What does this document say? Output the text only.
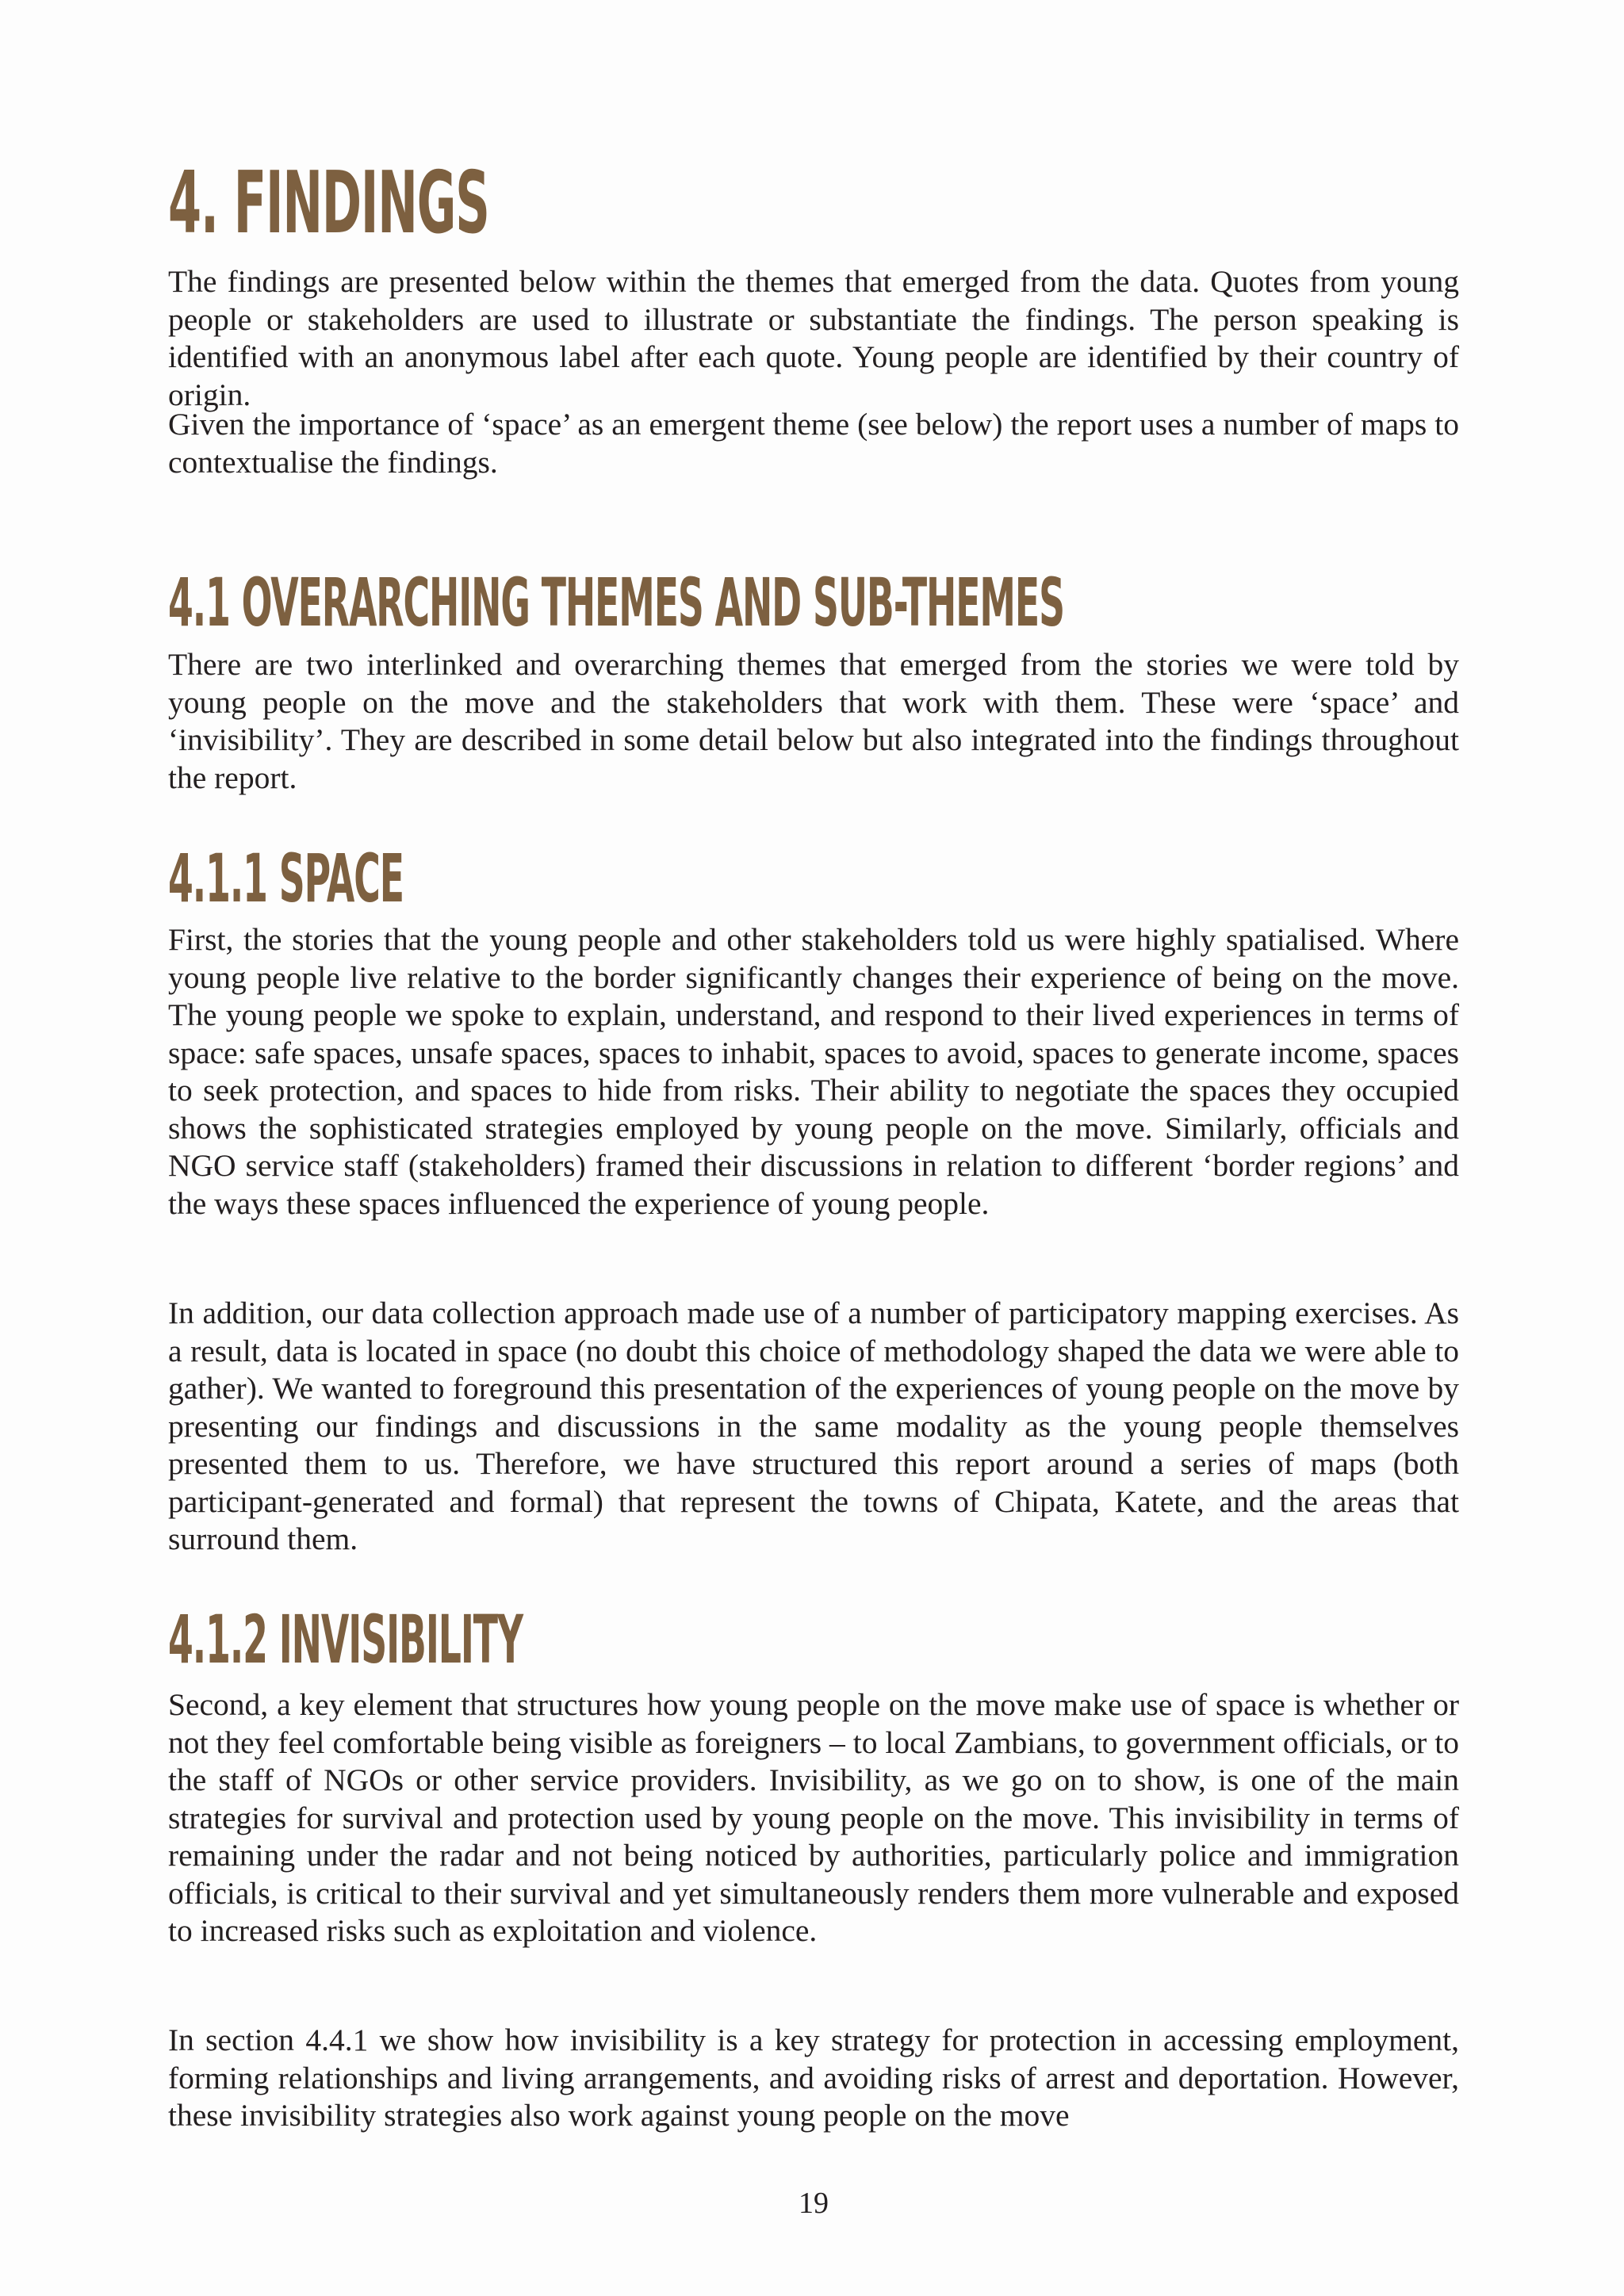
4. FINDINGS

The findings are presented below within the themes that emerged from the data. Quotes from young people or stakeholders are used to illustrate or substantiate the findings. The person speaking is identified with an anonymous label after each quote. Young people are identified by their country of origin.

Given the importance of ‘space’ as an emergent theme (see below) the report uses a number of maps to contextualise the findings.

4.1 OVERARCHING THEMES AND SUB-THEMES

There are two interlinked and overarching themes that emerged from the stories we were told by young people on the move and the stakeholders that work with them. These were ‘space’ and ‘invisibility’. They are described in some detail below but also integrated into the findings throughout the report.

4.1.1 SPACE

First, the stories that the young people and other stakeholders told us were highly spatialised. Where young people live relative to the border significantly changes their experience of being on the move. The young people we spoke to explain, understand, and respond to their lived experiences in terms of space: safe spaces, unsafe spaces, spaces to inhabit, spaces to avoid, spaces to generate income, spaces to seek protection, and spaces to hide from risks. Their ability to negotiate the spaces they occupied shows the sophisticated strategies employed by young people on the move. Similarly, officials and NGO service staff (stakeholders) framed their discussions in relation to different ‘border regions’ and the ways these spaces influenced the experience of young people.

In addition, our data collection approach made use of a number of participatory mapping exercises. As a result, data is located in space (no doubt this choice of methodology shaped the data we were able to gather). We wanted to foreground this presentation of the experiences of young people on the move by presenting our findings and discussions in the same modality as the young people themselves presented them to us. Therefore, we have structured this report around a series of maps (both participant-generated and formal) that represent the towns of Chipata, Katete, and the areas that surround them.

4.1.2 INVISIBILITY

Second, a key element that structures how young people on the move make use of space is whether or not they feel comfortable being visible as foreigners – to local Zambians, to government officials, or to the staff of NGOs or other service providers. Invisibility, as we go on to show, is one of the main strategies for survival and protection used by young people on the move. This invisibility in terms of remaining under the radar and not being noticed by authorities, particularly police and immigration officials, is critical to their survival and yet simultaneously renders them more vulnerable and exposed to increased risks such as exploitation and violence.

In section 4.4.1 we show how invisibility is a key strategy for protection in accessing employment, forming relationships and living arrangements, and avoiding risks of arrest and deportation. However, these invisibility strategies also work against young people on the move

19
